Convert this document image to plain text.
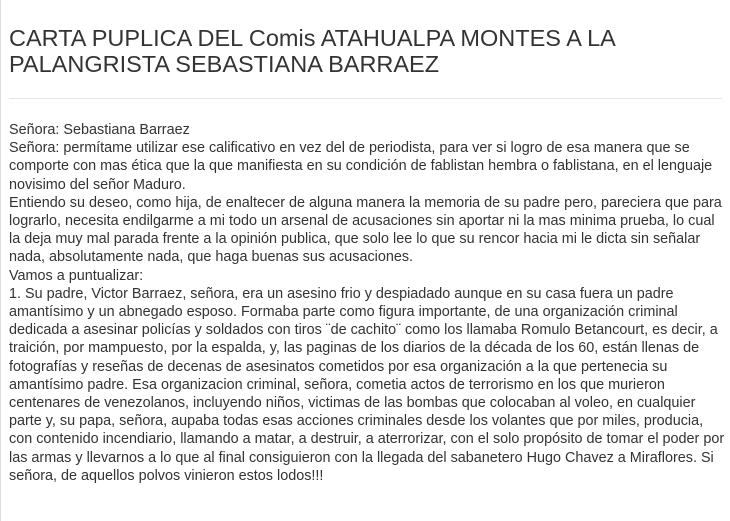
CARTA PUPLICA DEL Comis ATAHUALPA MONTES A LA PALANGRISTA SEBASTIANA BARRAEZ

Señora: Sebastiana Barraez

Señora: permítame utilizar ese calificativo en vez del de periodista, para ver si logro de esa manera que se comporte con mas ética que la que manifiesta en su condición de fablistan hembra o fablistana, en el lenguaje novisimo del señor Maduro.

Entiendo su deseo, como hija, de enaltecer de alguna manera la memoria de su padre pero, pareciera que para lograrlo, necesita endilgarme a mi todo un arsenal de acusaciones sin aportar ni la mas minima prueba, lo cual la deja muy mal parada frente a la opinión publica, que solo lee lo que su rencor hacia mi le dicta sin señalar nada, absolutamente nada, que haga buenas sus acusaciones.

Vamos a puntualizar:

1. Su padre, Victor Barraez, señora, era un asesino frio y despiadado aunque en su casa fuera un padre amantísimo y un abnegado esposo. Formaba parte como figura importante, de una organización criminal dedicada a asesinar policías y soldados con tiros ¨de cachito¨ como los llamaba Romulo Betancourt, es decir, a traición, por mampuesto, por la espalda, y, las paginas de los diarios de la década de los 60, están llenas de fotografías y reseñas de decenas de asesinatos cometidos por esa organización a la que pertenecia su amantísimo padre. Esa organizacion criminal, señora, cometia actos de terrorismo en los que murieron centenares de venezolanos, incluyendo niños, victimas de las bombas que colocaban al voleo, en cualquier parte y, su papa, señora, aupaba todas esas acciones criminales desde los volantes que por miles, producia, con contenido incendiario, llamando a matar, a destruir, a aterrorizar, con el solo propósito de tomar el poder por las armas y llevarnos a lo que al final consiguieron con la llegada del sabanetero Hugo Chavez a Miraflores. Si señora, de aquellos polvos vinieron estos lodos!!!
